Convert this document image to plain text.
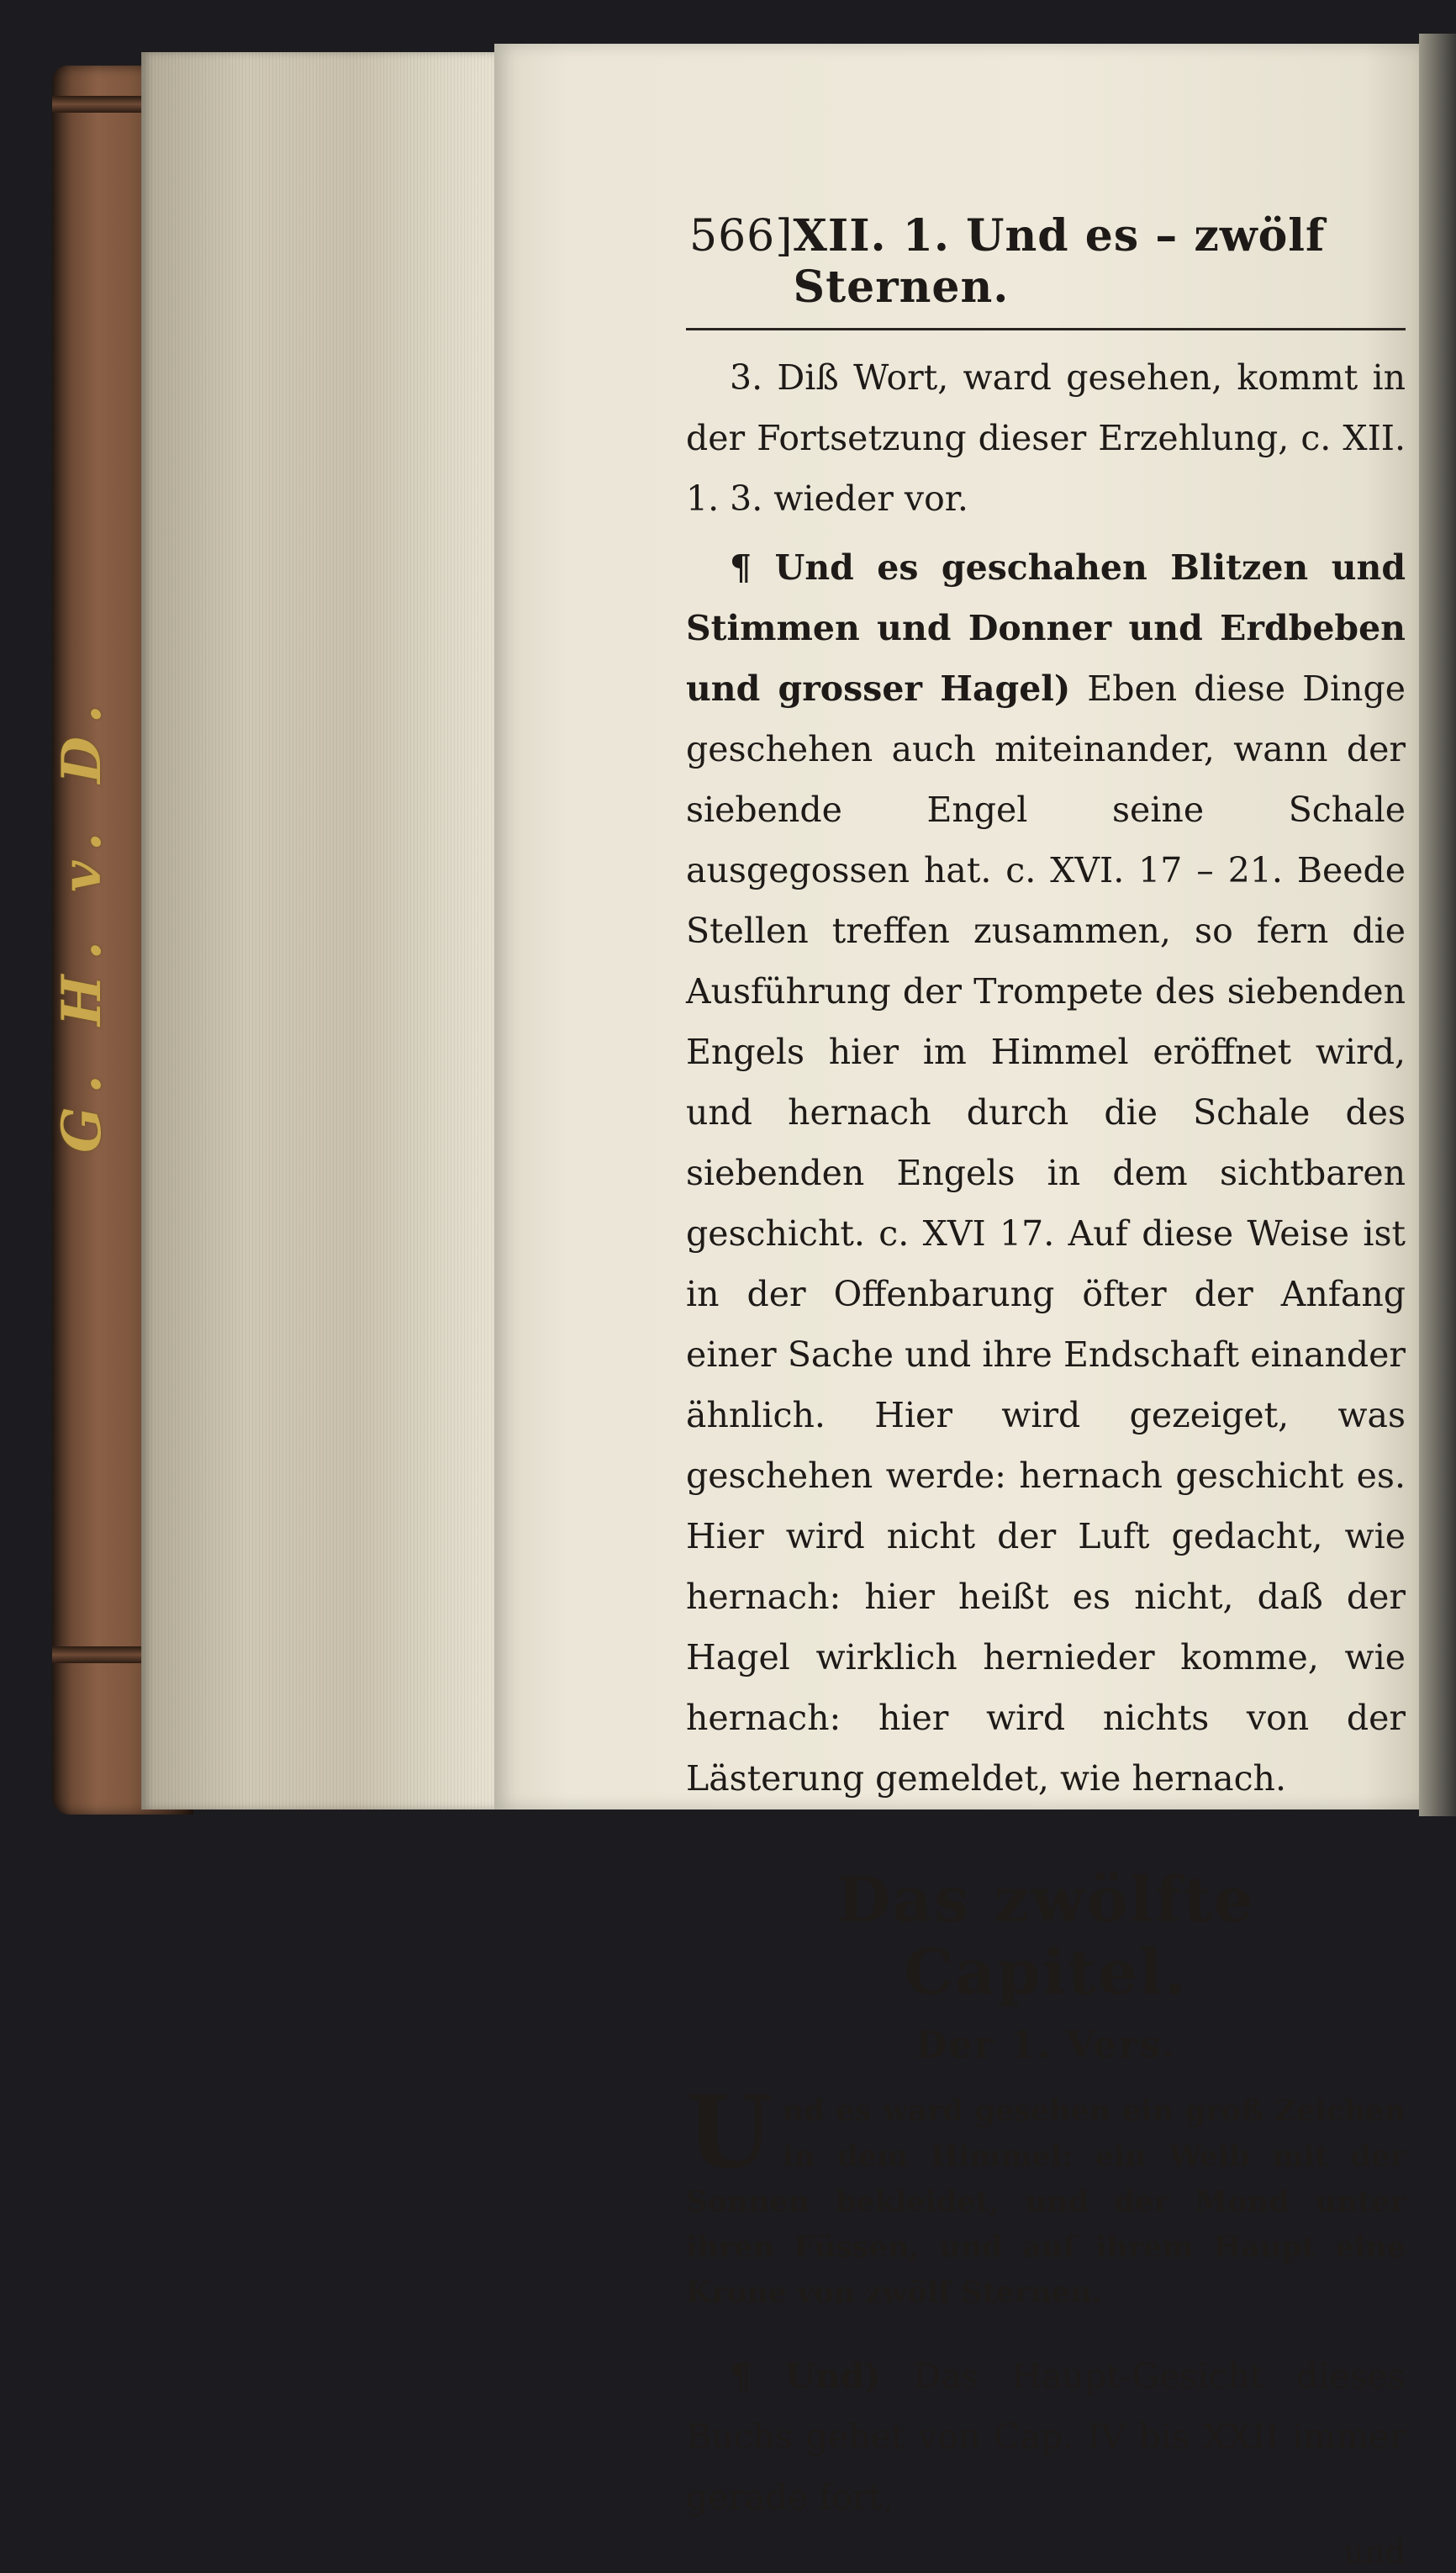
G. H. v. D.
566] XII. 1. Und es – zwölf Sternen.

3. Diß Wort, ward gesehen, kommt in der Fortsetzung dieser Erzehlung, c. XII. 1. 3. wieder vor.

¶ Und es geschahen Blitzen und Stimmen und Donner und Erdbeben und grosser Hagel) Eben diese Dinge geschehen auch miteinander, wann der siebende Engel seine Schale ausgegossen hat. c. XVI. 17 – 21. Beede Stellen treffen zusammen, so fern die Ausführung der Trompete des siebenden Engels hier im Himmel eröffnet wird, und hernach durch die Schale des siebenden Engels in dem sichtbaren geschicht. c. XVI 17. Auf diese Weise ist in der Offenbarung öfter der Anfang einer Sache und ihre Endschaft einander ähnlich. Hier wird gezeiget, was geschehen werde: hernach geschicht es. Hier wird nicht der Luft gedacht, wie hernach: hier heißt es nicht, daß der Hagel wirklich hernieder komme, wie hernach: hier wird nichts von der Lästerung gemeldet, wie hernach.

Das zwölfte Capitel.
Der 1. Vers.
Und es ward gesehen ein groß Zeichen in dem Himmel: ein Weib mit der Sonnen bekleidet, und der Mond unter ihren Füssen, und auf ihrem Haupt eine Krone von zwölf Sternen.

¶ Und) Das Haupt-Gesicht dieses Buchs gehet von Cap. IV bis XXII immer gerade fort,

und
